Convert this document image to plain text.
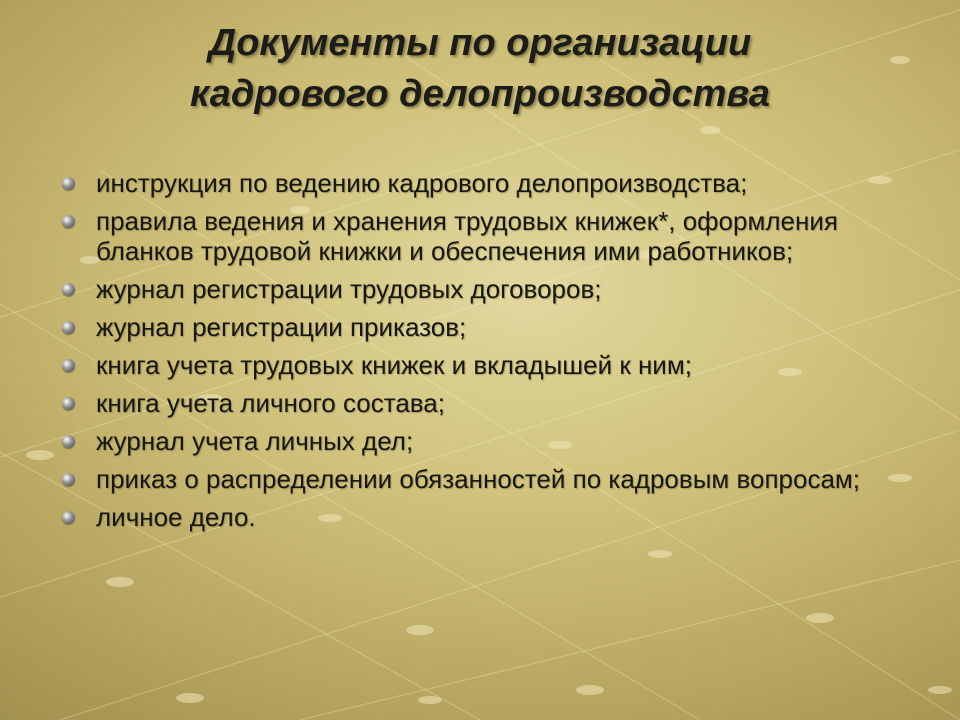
Документы по организации
кадрового делопроизводства
инструкция по ведению кадрового делопроизводства;
правила ведения и хранения трудовых книжек*, оформления бланков трудовой книжки и обеспечения ими работников;
журнал регистрации трудовых договоров;
журнал регистрации приказов;
книга учета трудовых книжек и вкладышей к ним;
книга учета личного состава;
журнал учета личных дел;
приказ о распределении обязанностей по кадровым вопросам;
личное дело.
